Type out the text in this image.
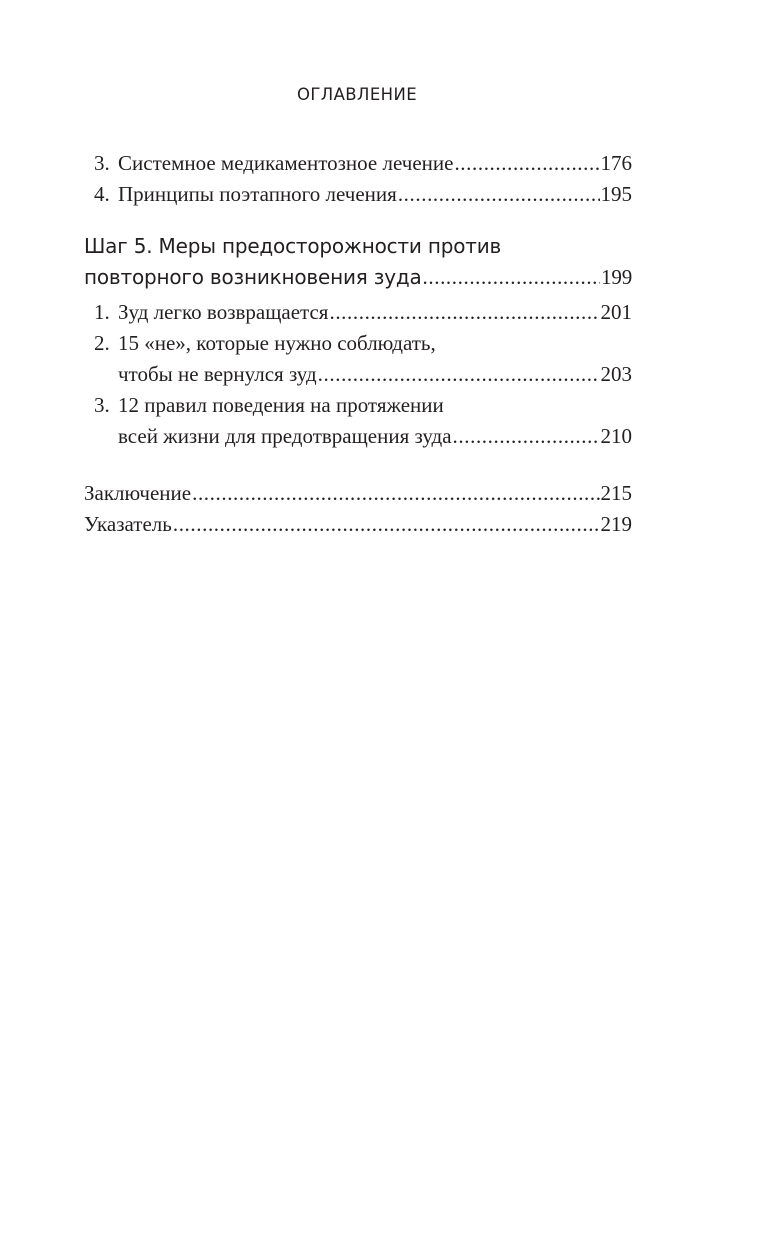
ОГЛАВЛЕНИЕ
3. Системное медикаментозное лечение .....	176
4. Принципы поэтапного лечения .....	195
Шаг 5. Меры предосторожности против
повторного возникновения зуда .....	199
1. Зуд легко возвращается .....	201
2. 15 «не», которые нужно соблюдать,
чтобы не вернулся зуд .....	203
3. 12 правил поведения на протяжении
всей жизни для предотвращения зуда .....	210
Заключение .....	215
Указатель .....	219
